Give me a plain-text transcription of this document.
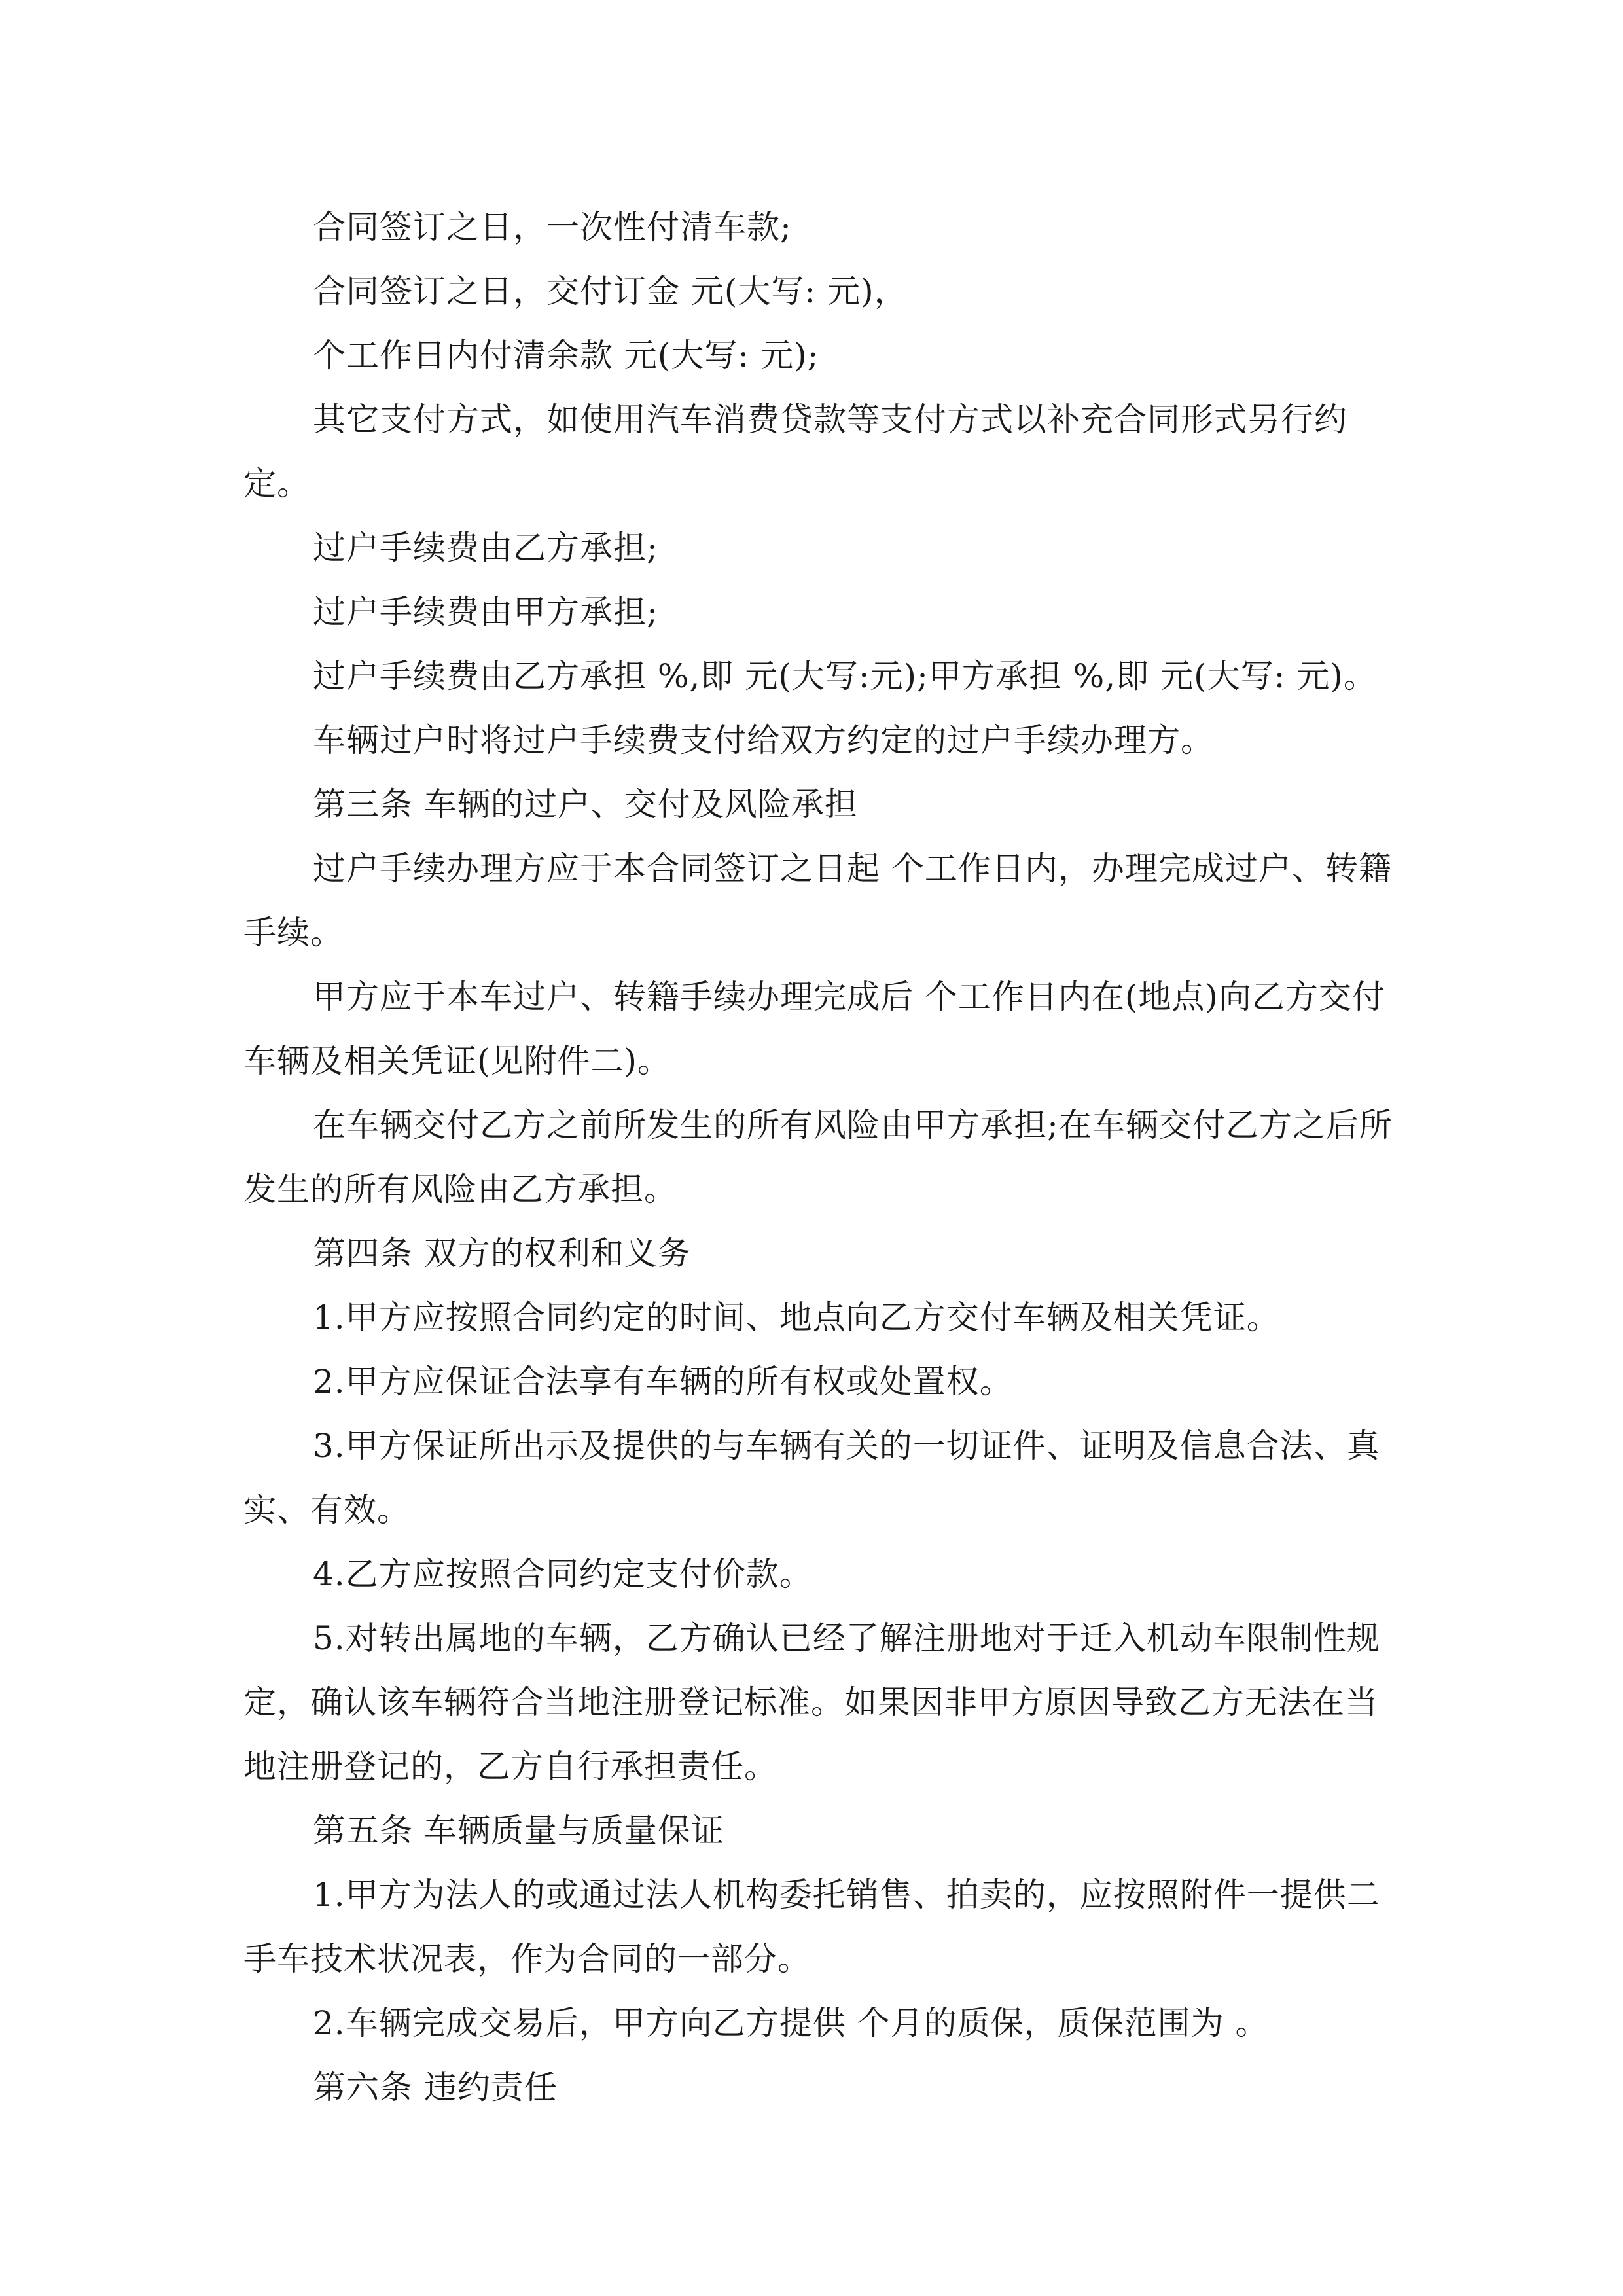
合同签订之日，一次性付清车款;

合同签订之日，交付订金 元(大写: 元)，

个工作日内付清余款 元(大写: 元);

其它支付方式，如使用汽车消费贷款等支付方式以补充合同形式另行约定。

过户手续费由乙方承担;

过户手续费由甲方承担;

过户手续费由乙方承担 %,即 元(大写:元);甲方承担 %,即 元(大写: 元)。

车辆过户时将过户手续费支付给双方约定的过户手续办理方。

第三条 车辆的过户、交付及风险承担

过户手续办理方应于本合同签订之日起 个工作日内，办理完成过户、转籍手续。

甲方应于本车过户、转籍手续办理完成后 个工作日内在(地点)向乙方交付车辆及相关凭证(见附件二)。

在车辆交付乙方之前所发生的所有风险由甲方承担;在车辆交付乙方之后所发生的所有风险由乙方承担。

第四条 双方的权利和义务

1.甲方应按照合同约定的时间、地点向乙方交付车辆及相关凭证。

2.甲方应保证合法享有车辆的所有权或处置权。

3.甲方保证所出示及提供的与车辆有关的一切证件、证明及信息合法、真实、有效。

4.乙方应按照合同约定支付价款。

5.对转出属地的车辆，乙方确认已经了解注册地对于迁入机动车限制性规定，确认该车辆符合当地注册登记标准。如果因非甲方原因导致乙方无法在当地注册登记的，乙方自行承担责任。

第五条 车辆质量与质量保证

1.甲方为法人的或通过法人机构委托销售、拍卖的，应按照附件一提供二手车技术状况表，作为合同的一部分。

2.车辆完成交易后，甲方向乙方提供 个月的质保，质保范围为 。

第六条 违约责任
